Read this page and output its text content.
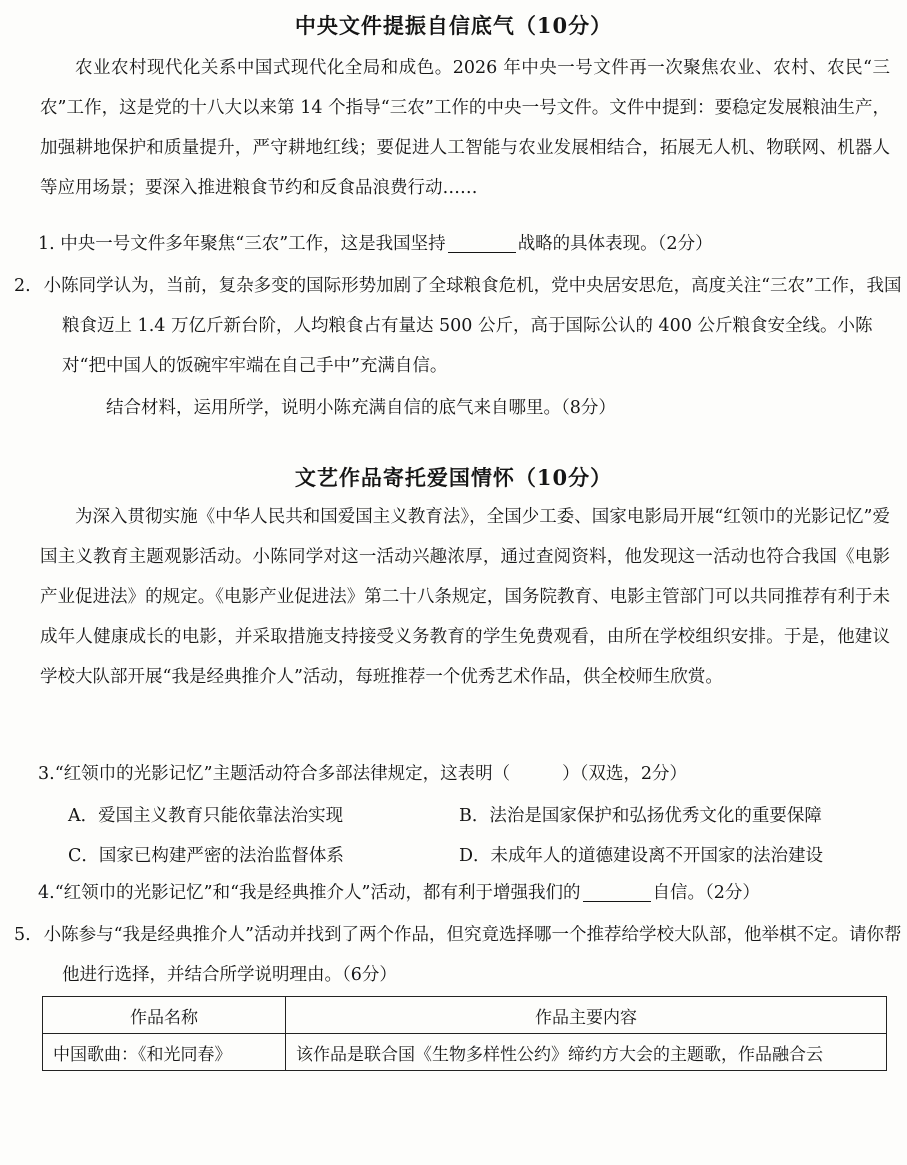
中央文件提振自信底气（10分）
农业农村现代化关系中国式现代化全局和成色。2026 年中央一号文件再一次聚焦农业、农村、农民“三农”工作，这是党的十八大以来第 14 个指导“三农”工作的中央一号文件。文件中提到：要稳定发展粮油生产，加强耕地保护和质量提升，严守耕地红线；要促进人工智能与农业发展相结合，拓展无人机、物联网、机器人等应用场景；要深入推进粮食节约和反食品浪费行动……
1. 中央一号文件多年聚焦“三农”工作，这是我国坚持	战略的具体表现。（2分）
2. 小陈同学认为，当前，复杂多变的国际形势加剧了全球粮食危机，党中央居安思危，高度关注“三农”工作，我国粮食迈上 1.4 万亿斤新台阶，人均粮食占有量达 500 公斤，高于国际公认的 400 公斤粮食安全线。小陈对“把中国人的饭碗牢牢端在自己手中”充满自信。
结合材料，运用所学，说明小陈充满自信的底气来自哪里。（8分）
文艺作品寄托爱国情怀（10分）
为深入贯彻实施《中华人民共和国爱国主义教育法》，全国少工委、国家电影局开展“红领巾的光影记忆”爱国主义教育主题观影活动。小陈同学对这一活动兴趣浓厚，通过查阅资料，他发现这一活动也符合我国《电影产业促进法》的规定。《电影产业促进法》第二十八条规定，国务院教育、电影主管部门可以共同推荐有利于未成年人健康成长的电影，并采取措施支持接受义务教育的学生免费观看，由所在学校组织安排。于是，他建议学校大队部开展“我是经典推介人”活动，每班推荐一个优秀艺术作品，供全校师生欣赏。
3.“红领巾的光影记忆”主题活动符合多部法律规定，这表明（	）（双选，2分）
A．爱国主义教育只能依靠法治实现	B．法治是国家保护和弘扬优秀文化的重要保障
C．国家已构建严密的法治监督体系	D．未成年人的道德建设离不开国家的法治建设
4.“红领巾的光影记忆”和“我是经典推介人”活动，都有利于增强我们的	自信。（2分）
5. 小陈参与“我是经典推介人”活动并找到了两个作品，但究竟选择哪一个推荐给学校大队部，他举棋不定。请你帮他进行选择，并结合所学说明理由。（6分）
作品名称	作品主要内容
中国歌曲：《和光同春》	该作品是联合国《生物多样性公约》缔约方大会的主题歌，作品融合云
